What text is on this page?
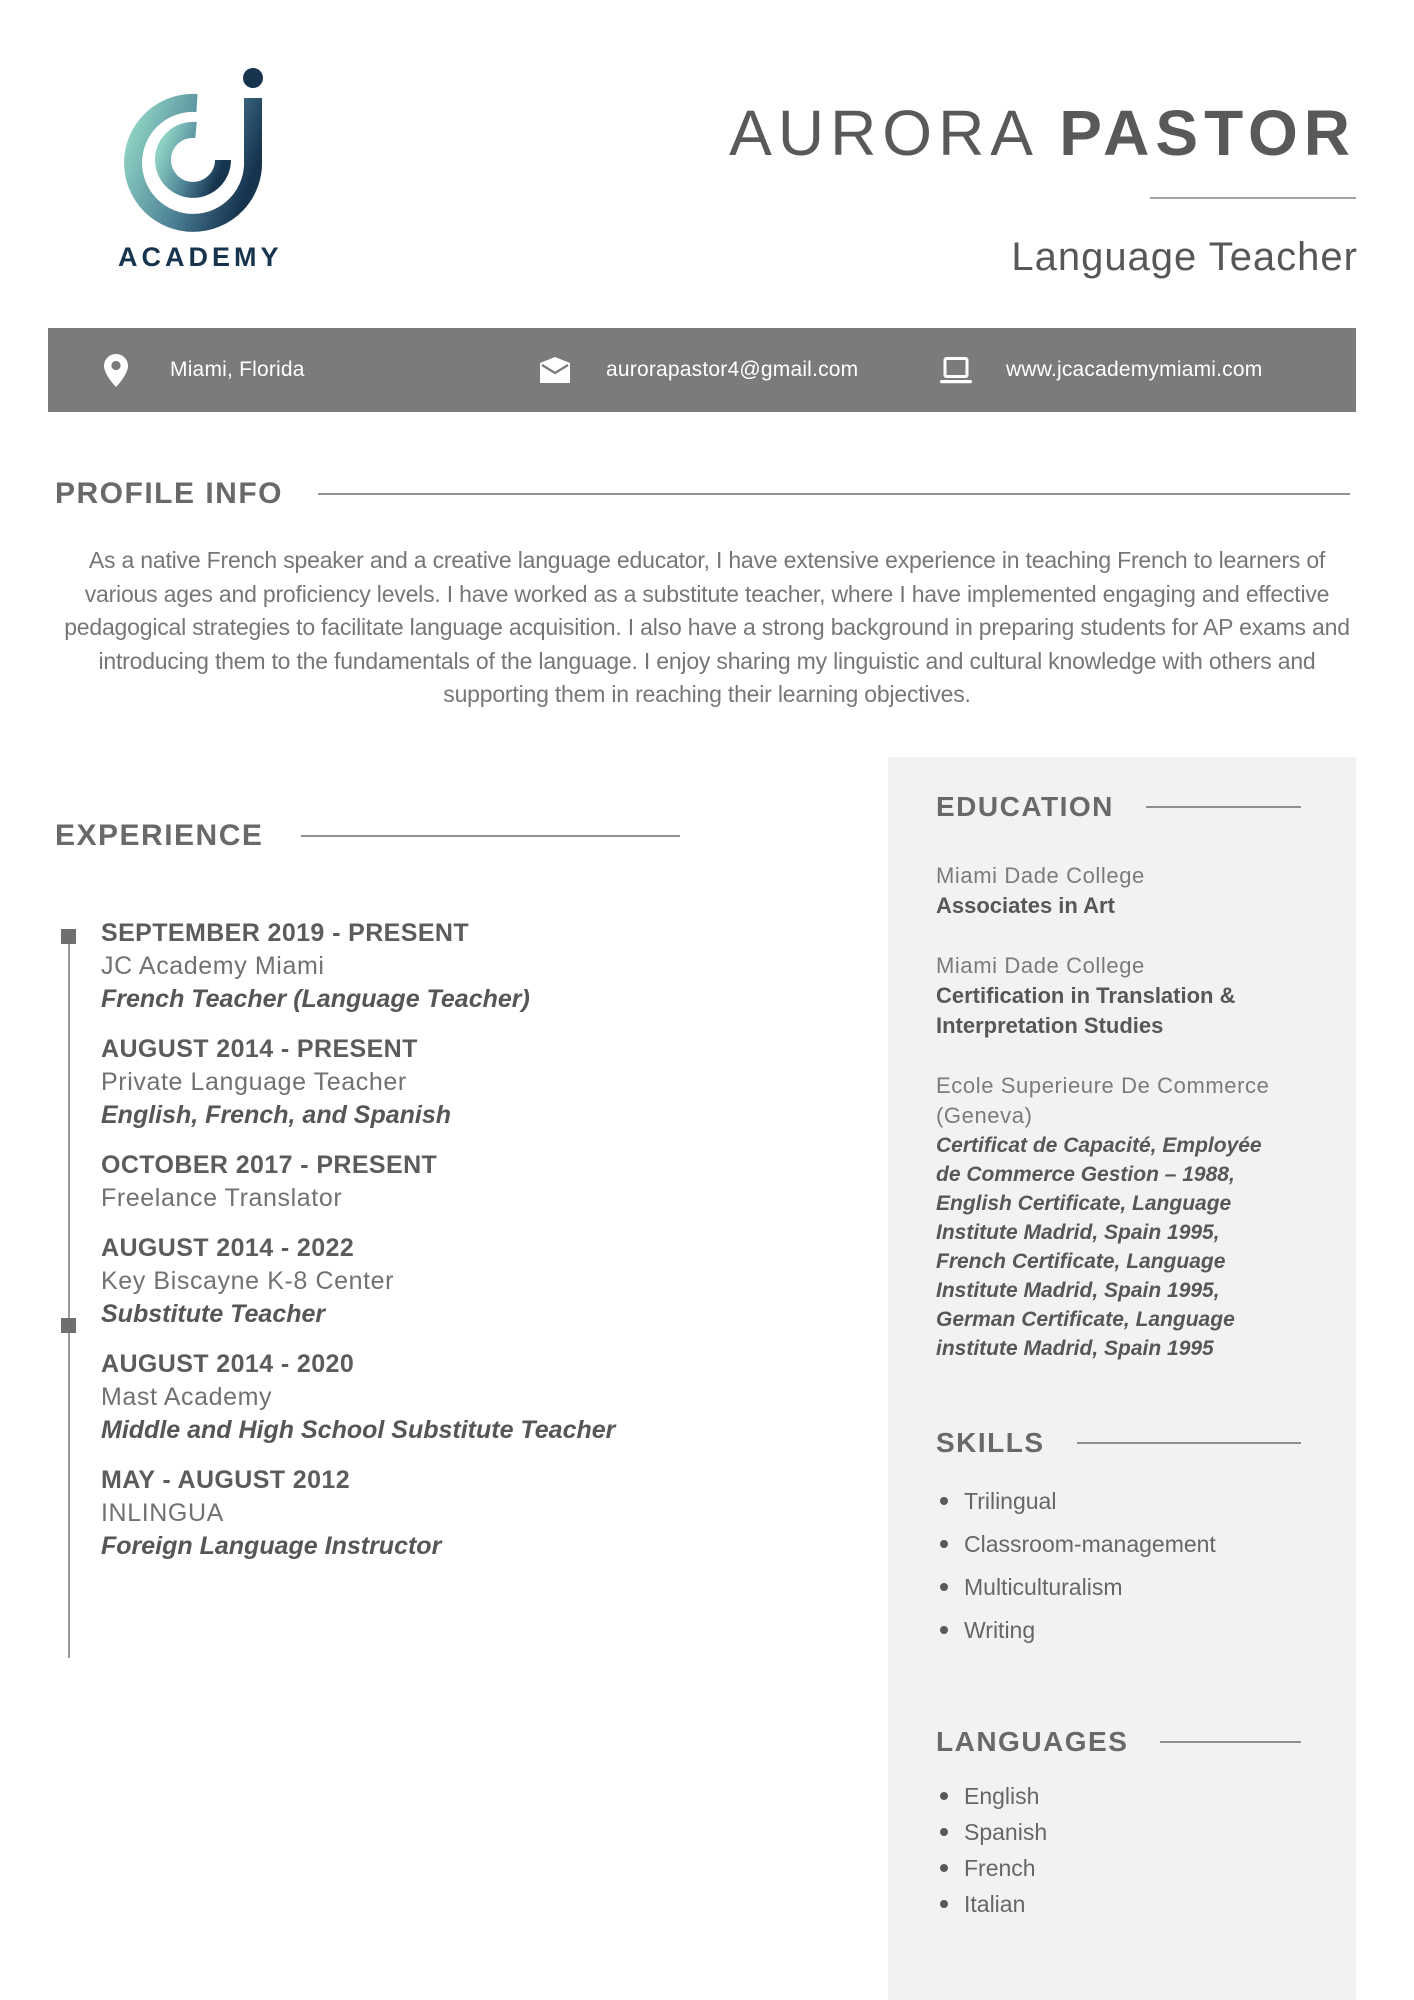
ACADEMY
AURORA PASTOR
Language Teacher
Miami, Florida	aurorapastor4@gmail.com	www.jcacademymiami.com
PROFILE INFO
As a native French speaker and a creative language educator, I have extensive experience in teaching French to learners of various ages and proficiency levels. I have worked as a substitute teacher, where I have implemented engaging and effective pedagogical strategies to facilitate language acquisition. I also have a strong background in preparing students for AP exams and introducing them to the fundamentals of the language. I enjoy sharing my linguistic and cultural knowledge with others and supporting them in reaching their learning objectives.
EXPERIENCE
SEPTEMBER 2019 - PRESENT
JC Academy Miami
French Teacher (Language Teacher)
AUGUST 2014 - PRESENT
Private Language Teacher
English, French, and Spanish
OCTOBER 2017 - PRESENT
Freelance Translator
AUGUST 2014 - 2022
Key Biscayne K-8 Center
Substitute Teacher
AUGUST 2014 - 2020
Mast Academy
Middle and High School Substitute Teacher
MAY - AUGUST 2012
INLINGUA
Foreign Language Instructor
EDUCATION
Miami Dade College
Associates in Art
Miami Dade College
Certification in Translation & Interpretation Studies
Ecole Superieure De Commerce (Geneva)
Certificat de Capacité, Employée de Commerce Gestion – 1988, English Certificate, Language Institute Madrid, Spain 1995, French Certificate, Language Institute Madrid, Spain 1995, German Certificate, Language institute Madrid, Spain 1995
SKILLS
Trilingual
Classroom-management
Multiculturalism
Writing
LANGUAGES
English
Spanish
French
Italian
